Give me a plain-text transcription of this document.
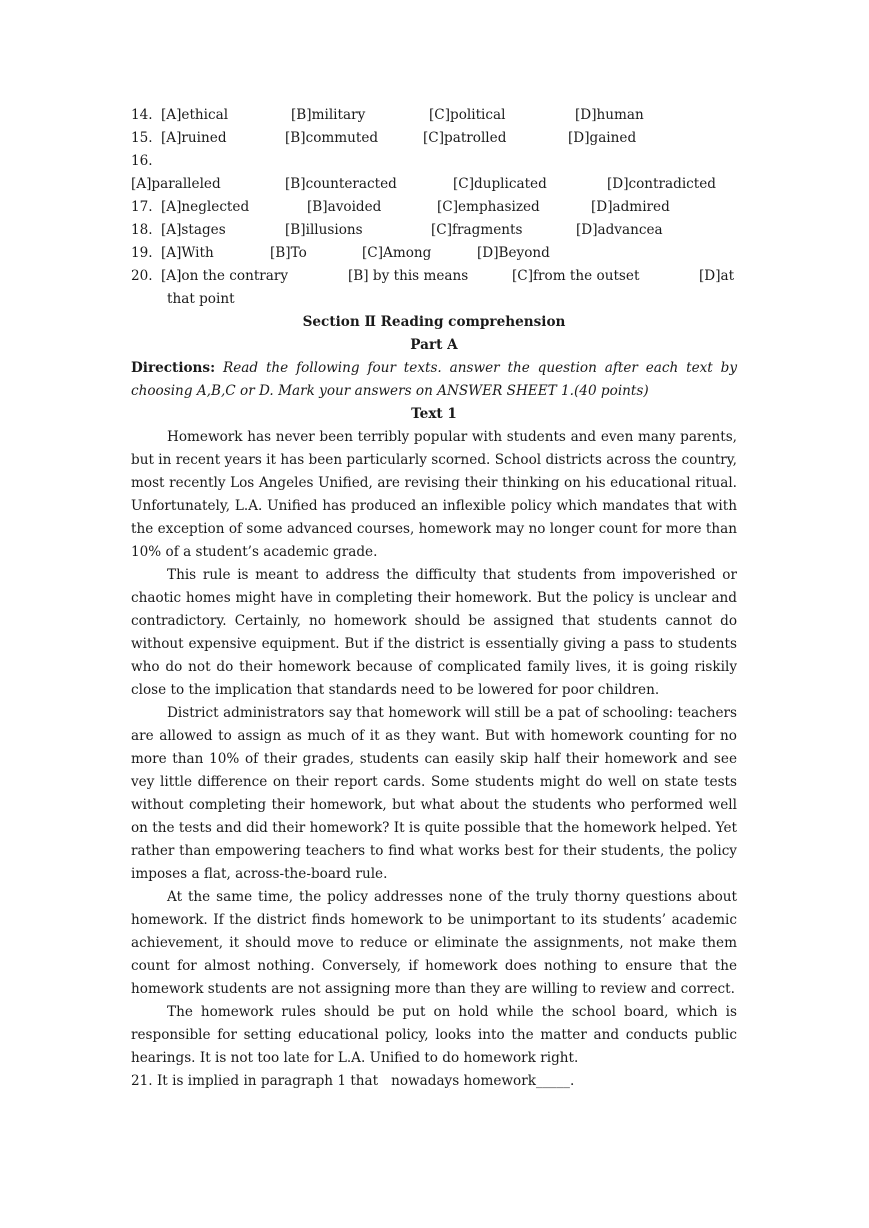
14. [A]ethical	[B]military	[C]political	[D]human
15. [A]ruined	[B]commuted	[C]patrolled	[D]gained
16.
[A]paralleled	[B]counteracted	[C]duplicated	[D]contradicted
17. [A]neglected	[B]avoided	[C]emphasized	[D]admired
18. [A]stages	[B]illusions	[C]fragments	[D]advancea
19. [A]With	[B]To	[C]Among	[D]Beyond
20. [A]on the contrary	[B] by this means	[C]from the outset	[D]at
that point
Section Ⅱ Reading comprehension
Part A
Directions: Read the following four texts. answer the question after each text by choosing A,B,C or D. Mark your answers on ANSWER SHEET 1.(40 points)
Text 1

Homework has never been terribly popular with students and even many parents, but in recent years it has been particularly scorned. School districts across the country, most recently Los Angeles Unified, are revising their thinking on his educational ritual. Unfortunately, L.A. Unified has produced an inflexible policy which mandates that with the exception of some advanced courses, homework may no longer count for more than 10% of a student’s academic grade.

This rule is meant to address the difficulty that students from impoverished or chaotic homes might have in completing their homework. But the policy is unclear and contradictory. Certainly, no homework should be assigned that students cannot do without expensive equipment. But if the district is essentially giving a pass to students who do not do their homework because of complicated family lives, it is going riskily close to the implication that standards need to be lowered for poor children.

District administrators say that homework will still be a pat of schooling: teachers are allowed to assign as much of it as they want. But with homework counting for no more than 10% of their grades, students can easily skip half their homework and see vey little difference on their report cards. Some students might do well on state tests without completing their homework, but what about the students who performed well on the tests and did their homework? It is quite possible that the homework helped. Yet rather than empowering teachers to find what works best for their students, the policy imposes a flat, across-the-board rule.

At the same time, the policy addresses none of the truly thorny questions about homework. If the district finds homework to be unimportant to its students’ academic achievement, it should move to reduce or eliminate the assignments, not make them count for almost nothing. Conversely, if homework does nothing to ensure that the homework students are not assigning more than they are willing to review and correct.

The homework rules should be put on hold while the school board, which is responsible for setting educational policy, looks into the matter and conducts public hearings. It is not too late for L.A. Unified to do homework right.

21. It is implied in paragraph 1 that   nowadays homework_____.
